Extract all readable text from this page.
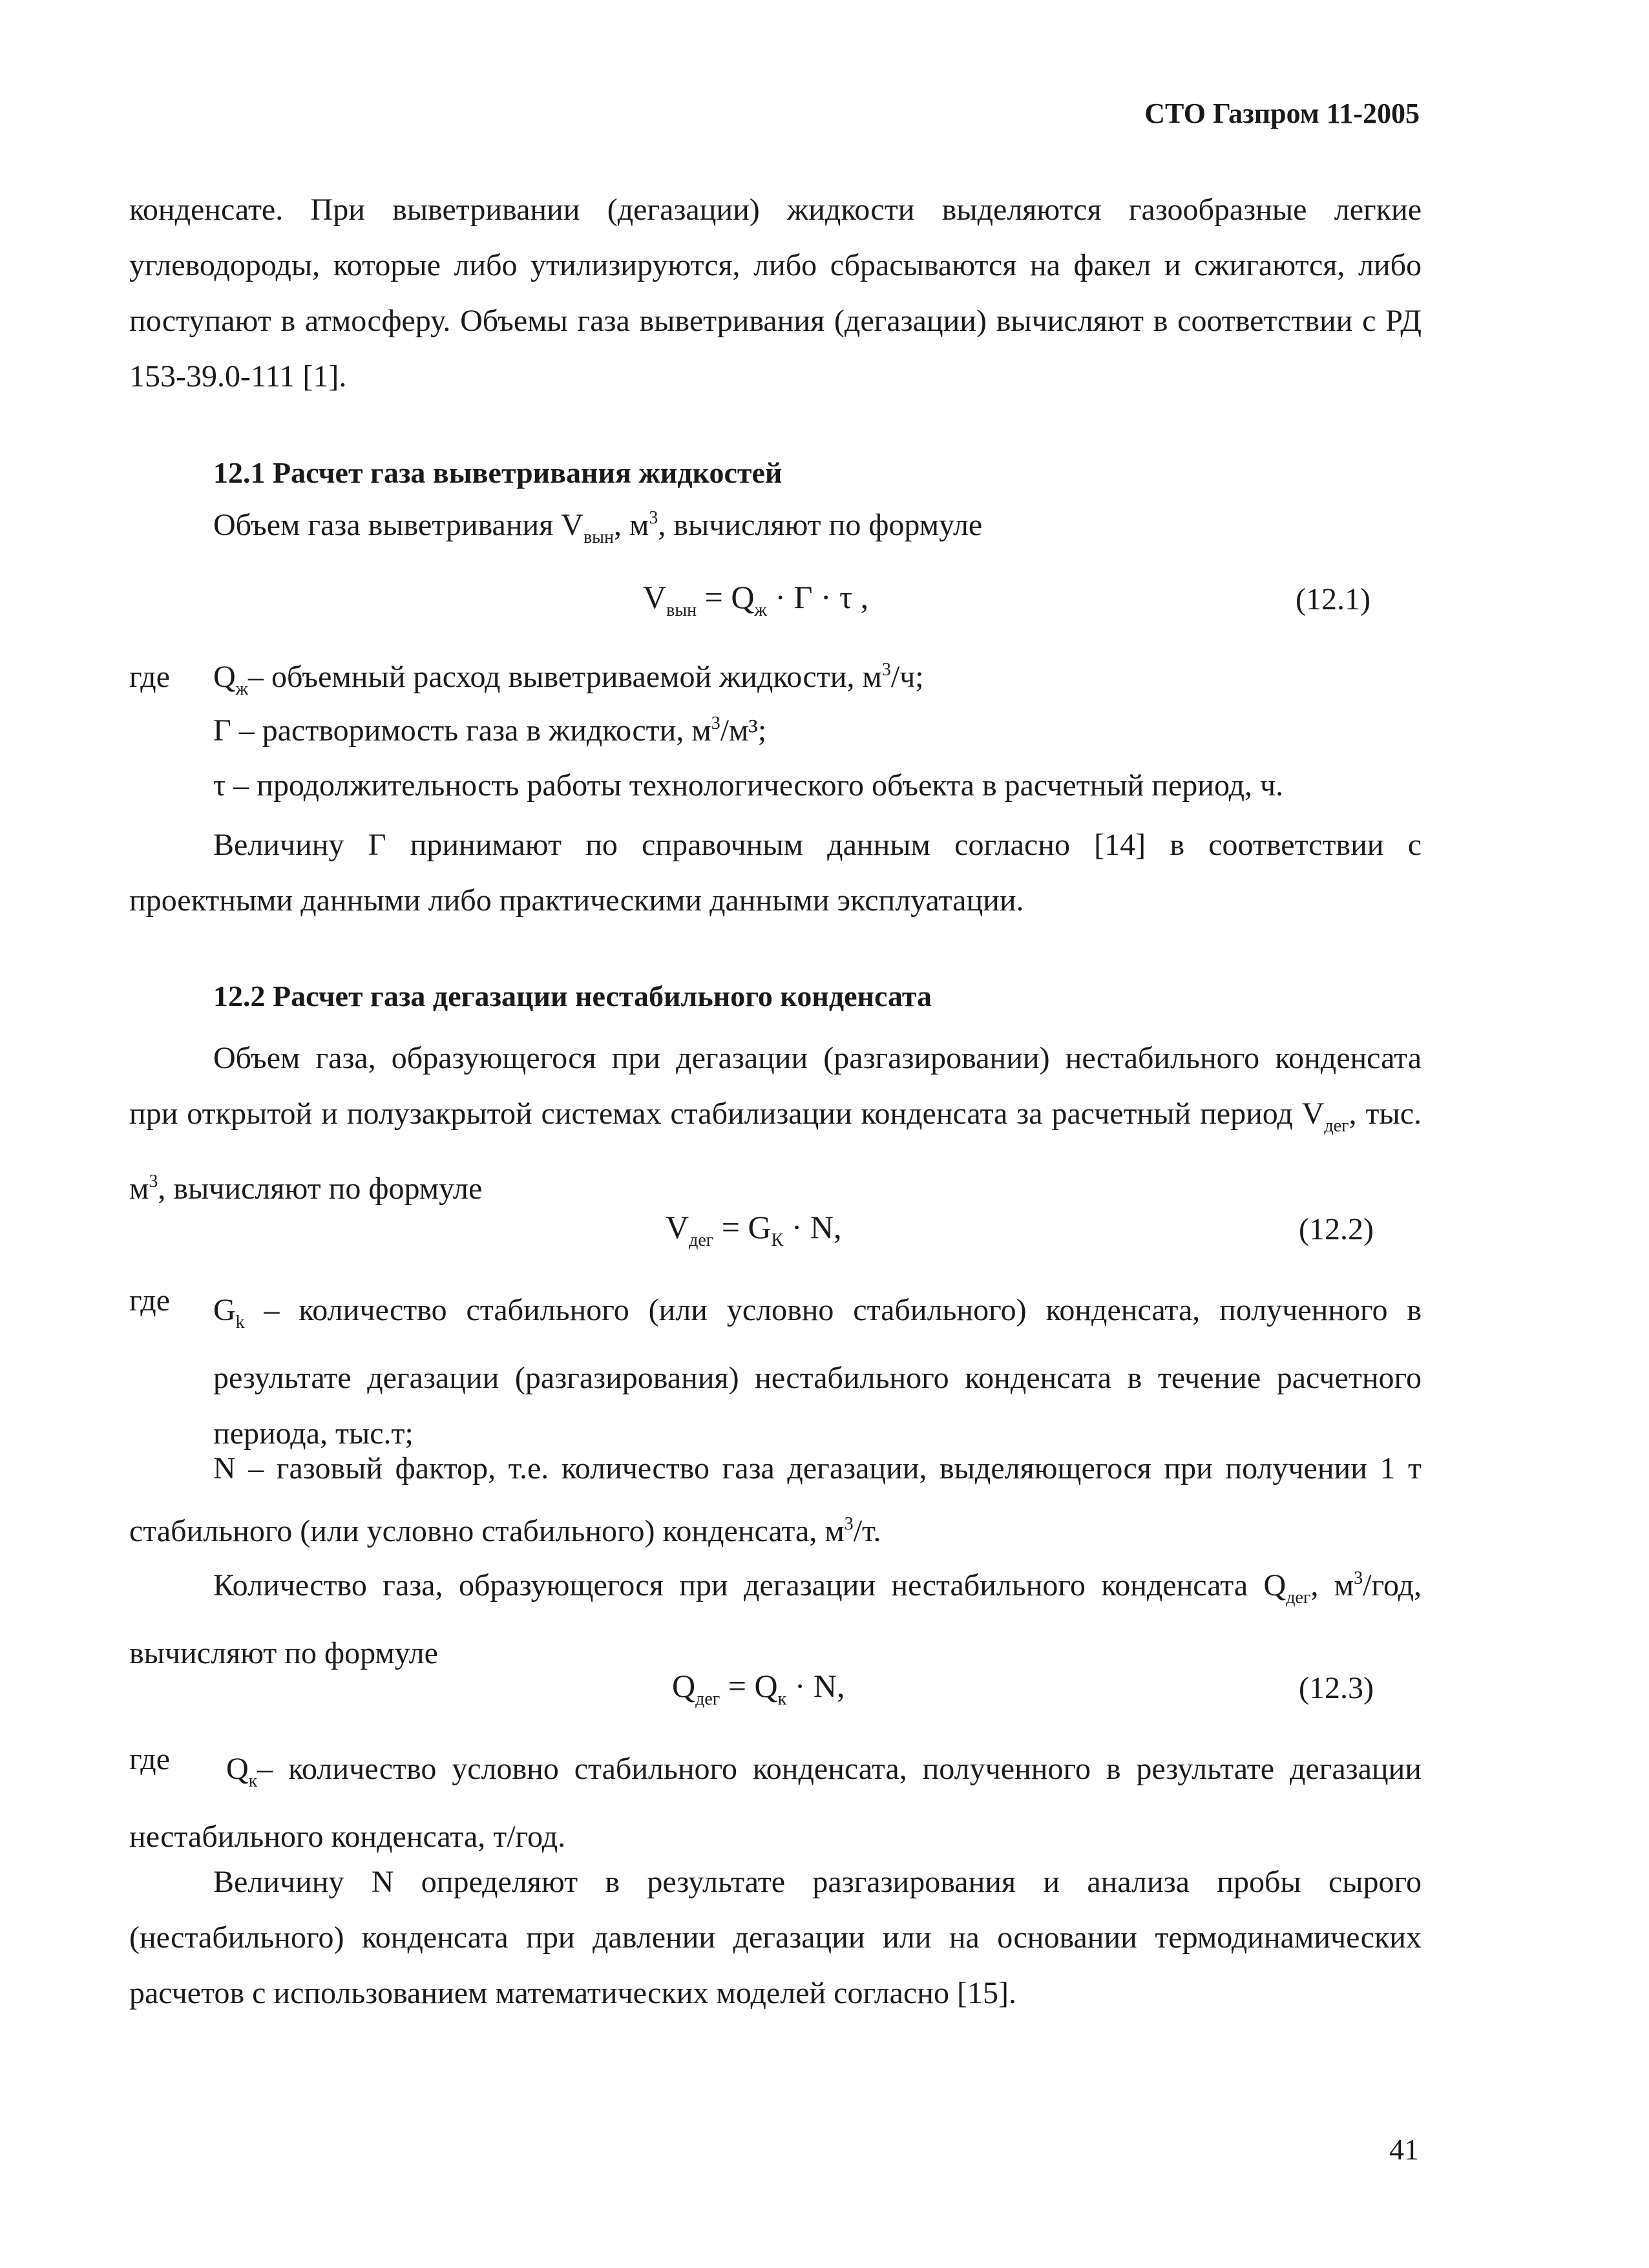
СТО Газпром 11-2005
конденсате. При выветривании (дегазации) жидкости выделяются газообразные легкие углеводороды, которые либо утилизируются, либо сбрасываются на факел и сжигаются, либо поступают в атмосферу. Объемы газа выветривания (дегазации) вычисляют в соответствии с РД 153-39.0-111 [1].
12.1 Расчет газа выветривания жидкостей
Объем газа выветривания $V_{вын}$, $м^3$, вычисляют по формуле
$V_{вын} = Q_ж \cdot Г \cdot \tau$ ,	(12.1)
где $Q_ж-$ объемный расход выветриваемой жидкости, $м^3/ч$;
Г – растворимость газа в жидкости, $м^3/м^3$;
τ – продолжительность работы технологического объекта в расчетный период, ч.
Величину Г принимают по справочным данным согласно [14] в соответствии с проектными данными либо практическими данными эксплуатации.
12.2 Расчет газа дегазации нестабильного конденсата
Объем газа, образующегося при дегазации (разгазировании) нестабильного конденсата при открытой и полузакрытой системах стабилизации конденсата за расчетный период $V_{дег}$, тыс. $м^3$, вычисляют по формуле
$V_{дег} = G_К \cdot N$,	(12.2)
где $G_k$ – количество стабильного (или условно стабильного) конденсата, полученного в результате дегазации (разгазирования) нестабильного конденсата в течение расчетного периода, тыс.т;
N – газовый фактор, т.е. количество газа дегазации, выделяющегося при получении 1 т стабильного (или условно стабильного) конденсата, $м^3/т$.
Количество газа, образующегося при дегазации нестабильного конденсата $Q_{дег}$, $м^3$/год, вычисляют по формуле
$Q_{дег} = Q_к \cdot N$,	(12.3)
где	$Q_к-$ количество условно стабильного конденсата, полученного в результате дегазации нестабильного конденсата, т/год.
Величину N определяют в результате разгазирования и анализа пробы сырого (нестабильного) конденсата при давлении дегазации или на основании термодинамических расчетов с использованием математических моделей согласно [15].
41
